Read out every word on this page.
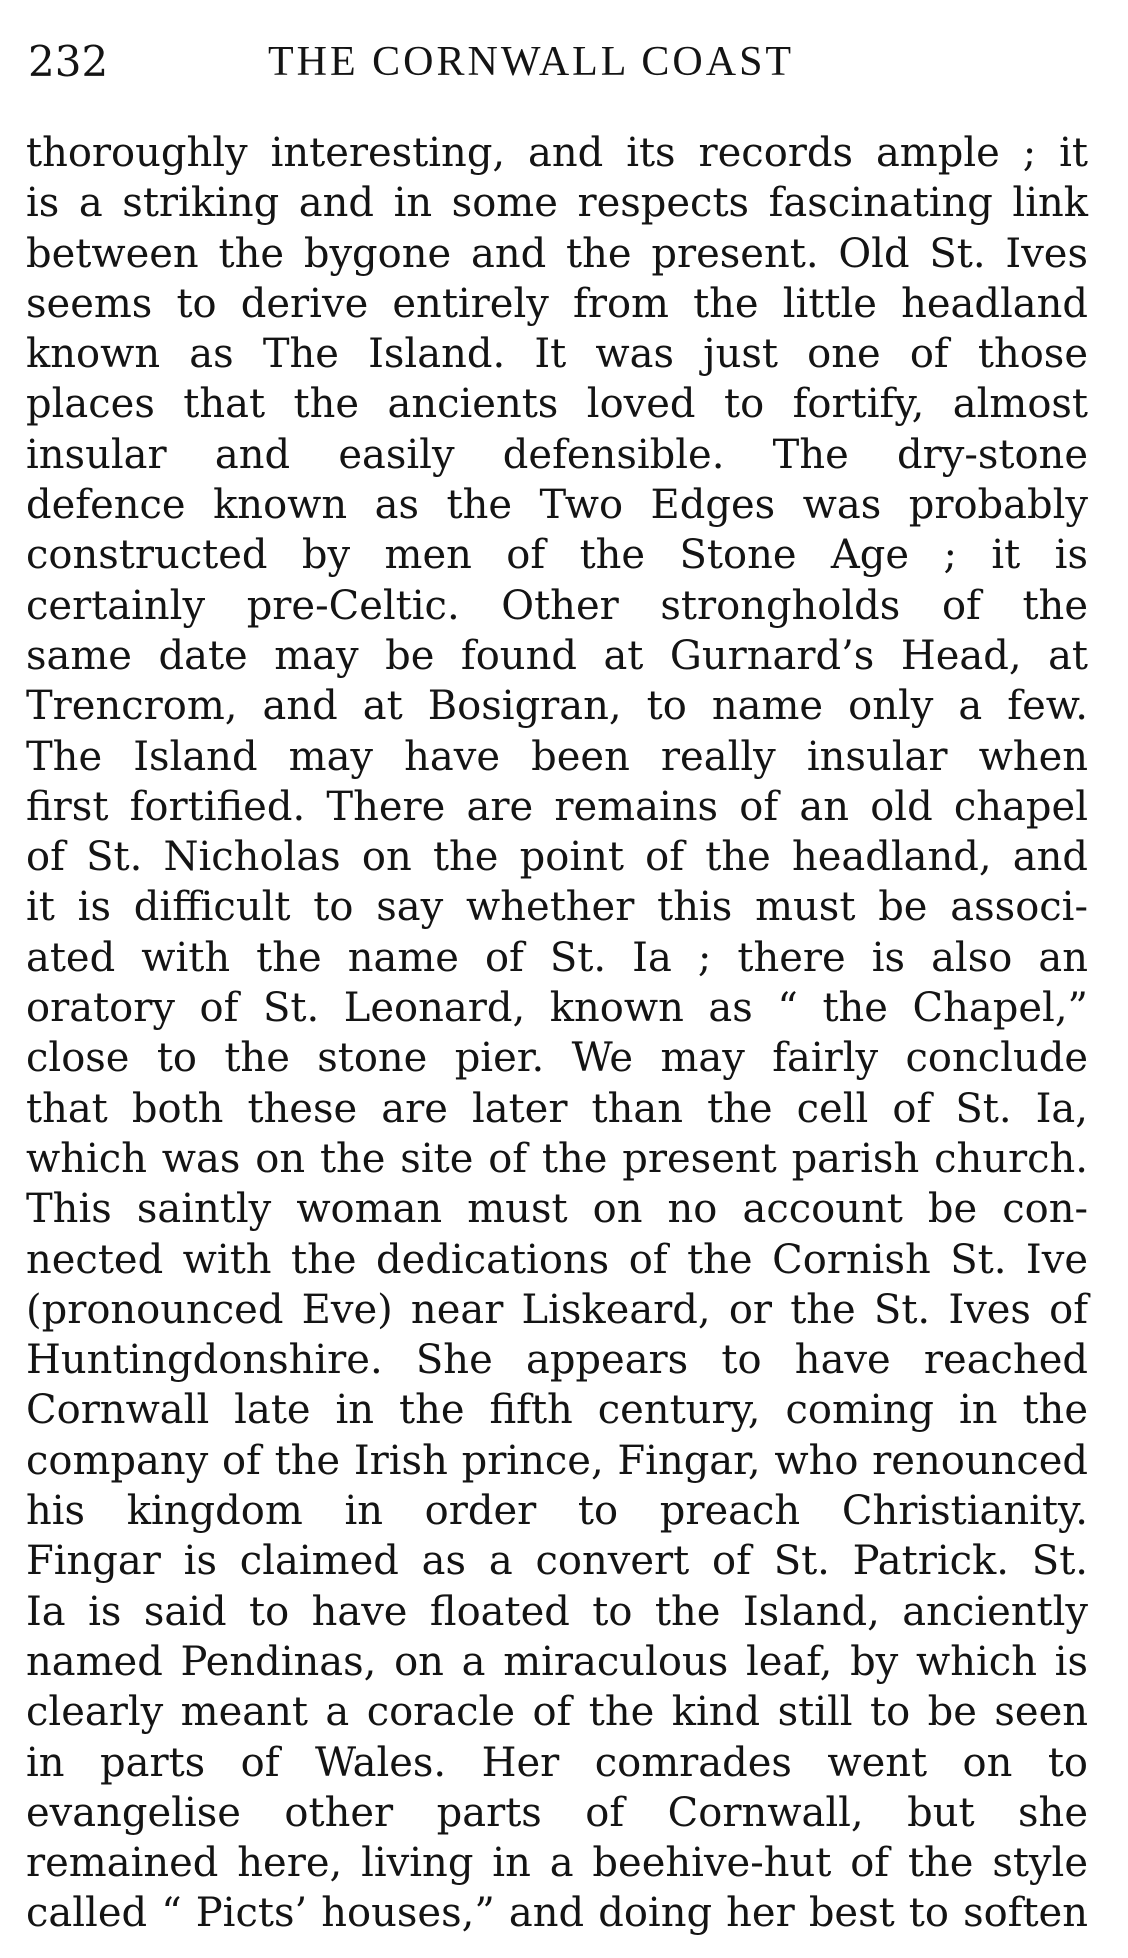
232	THE CORNWALL COAST
thoroughly interesting, and its records ample ; it
is a striking and in some respects fascinating link
between the bygone and the present. Old St. Ives
seems to derive entirely from the little headland
known as The Island. It was just one of those
places that the ancients loved to fortify, almost
insular and easily defensible. The dry-stone
defence known as the Two Edges was probably
constructed by men of the Stone Age ; it is
certainly pre-Celtic. Other strongholds of the
same date may be found at Gurnard’s Head, at
Trencrom, and at Bosigran, to name only a few.
The Island may have been really insular when
first fortified. There are remains of an old chapel
of St. Nicholas on the point of the headland, and
it is difficult to say whether this must be associ-
ated with the name of St. Ia ; there is also an
oratory of St. Leonard, known as “ the Chapel,”
close to the stone pier. We may fairly conclude
that both these are later than the cell of St. Ia,
which was on the site of the present parish church.
This saintly woman must on no account be con-
nected with the dedications of the Cornish St. Ive
(pronounced Eve) near Liskeard, or the St. Ives of
Huntingdonshire. She appears to have reached
Cornwall late in the fifth century, coming in the
company of the Irish prince, Fingar, who renounced
his kingdom in order to preach Christianity.
Fingar is claimed as a convert of St. Patrick. St.
Ia is said to have floated to the Island, anciently
named Pendinas, on a miraculous leaf, by which is
clearly meant a coracle of the kind still to be seen
in parts of Wales. Her comrades went on to
evangelise other parts of Cornwall, but she
remained here, living in a beehive-hut of the style
called “ Picts’ houses,” and doing her best to soften
